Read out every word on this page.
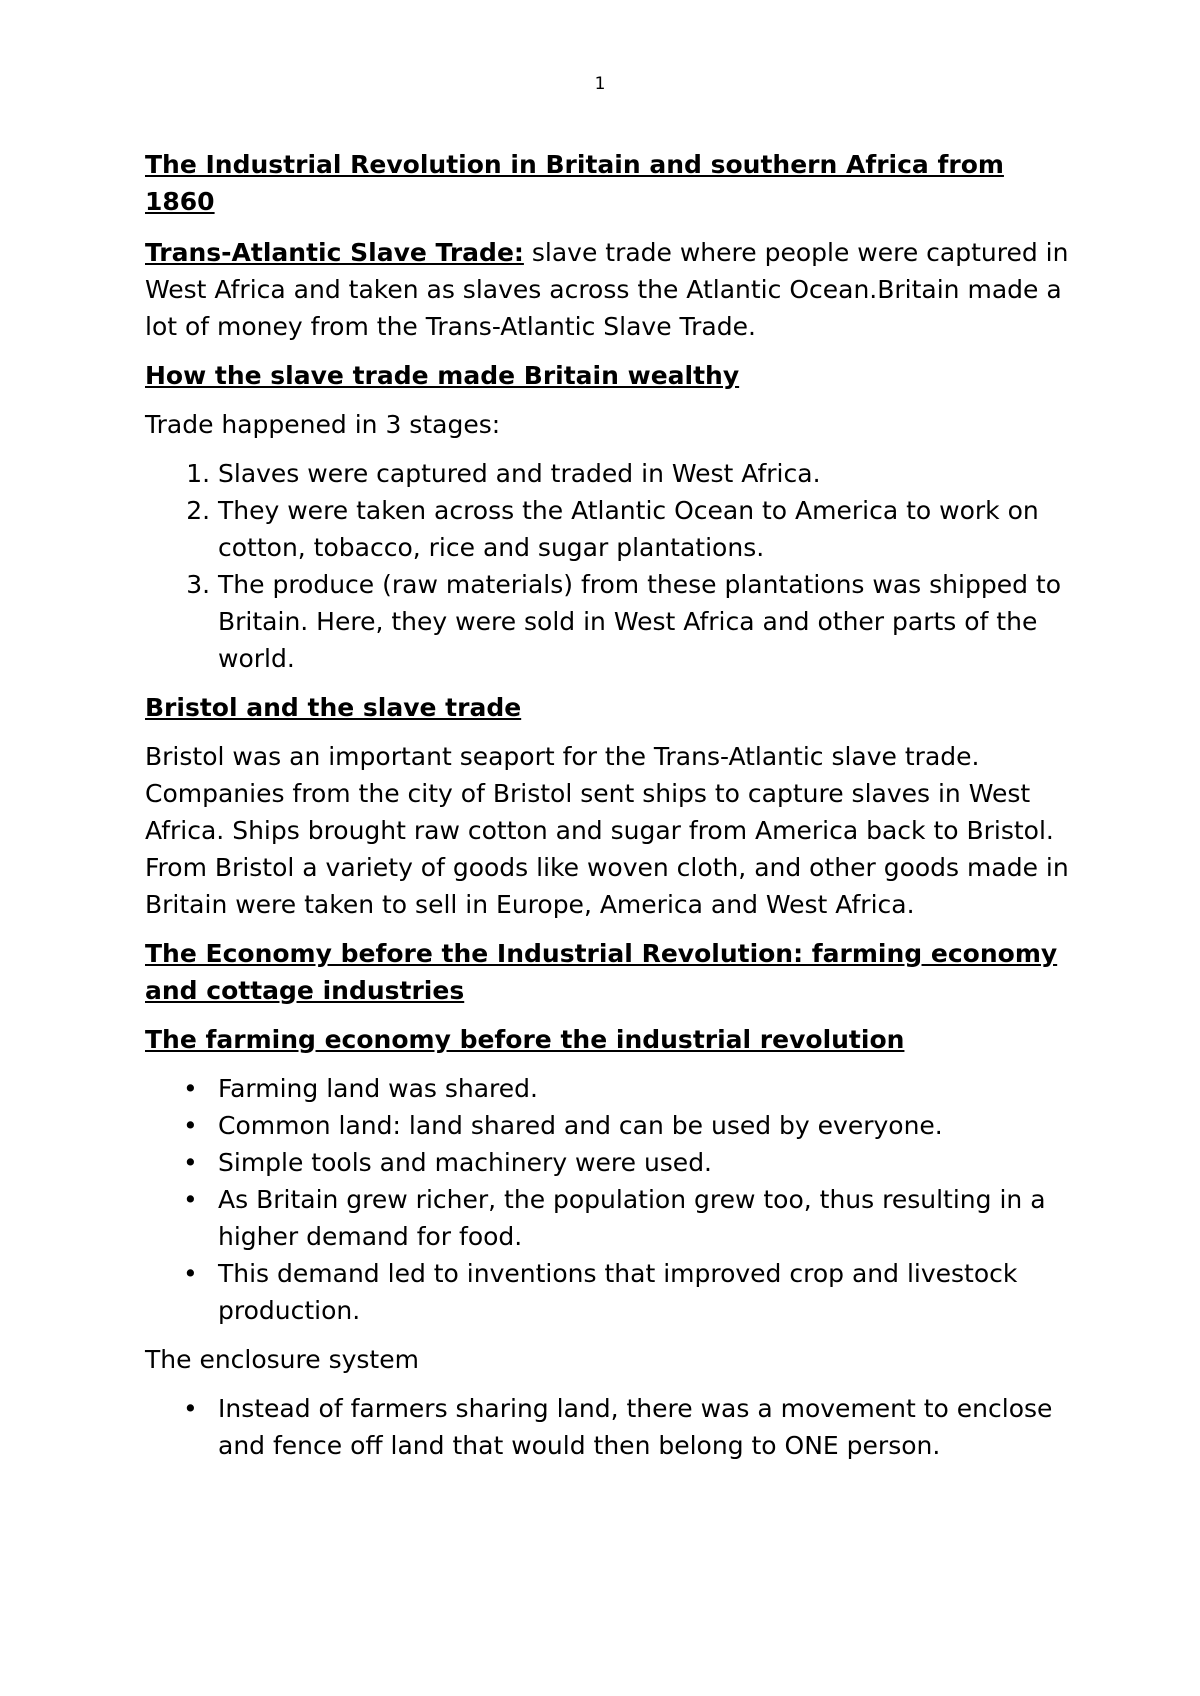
1
The Industrial Revolution in Britain and southern Africa from 1860

Trans-Atlantic Slave Trade: slave trade where people were captured in West Africa and taken as slaves across the Atlantic Ocean.Britain made a lot of money from the Trans-Atlantic Slave Trade.

How the slave trade made Britain wealthy

Trade happened in 3 stages:

1. Slaves were captured and traded in West Africa.
2. They were taken across the Atlantic Ocean to America to work on cotton, tobacco, rice and sugar plantations.
3. The produce (raw materials) from these plantations was shipped to Britain. Here, they were sold in West Africa and other parts of the world.
Bristol and the slave trade

Bristol was an important seaport for the Trans-Atlantic slave trade. Companies from the city of Bristol sent ships to capture slaves in West Africa. Ships brought raw cotton and sugar from America back to Bristol. From Bristol a variety of goods like woven cloth, and other goods made in Britain were taken to sell in Europe, America and West Africa.

The Economy before the Industrial Revolution: farming economy and cottage industries
The farming economy before the industrial revolution
• Farming land was shared.
• Common land: land shared and can be used by everyone.
• Simple tools and machinery were used.
• As Britain grew richer, the population grew too, thus resulting in a higher demand for food.
• This demand led to inventions that improved crop and livestock production.

The enclosure system

• Instead of farmers sharing land, there was a movement to enclose and fence off land that would then belong to ONE person.
